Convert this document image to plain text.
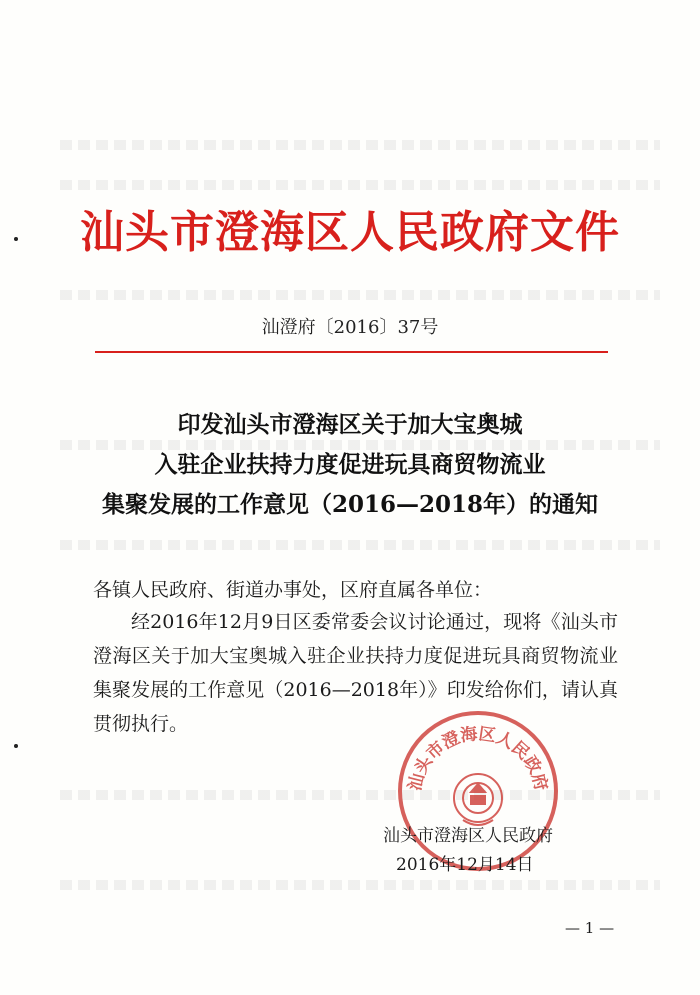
汕头市澄海区人民政府文件
汕澄府〔2016〕37号
印发汕头市澄海区关于加大宝奥城
入驻企业扶持力度促进玩具商贸物流业
集聚发展的工作意见（2016—2018年）的通知
各镇人民政府、街道办事处，区府直属各单位：
经2016年12月9日区委常委会议讨论通过，现将《汕头市澄海区关于加大宝奥城入驻企业扶持力度促进玩具商贸物流业集聚发展的工作意见（2016—2018年）》印发给你们，请认真贯彻执行。
汕头市澄海区人民政府
汕头市澄海区人民政府
2016年12月14日
— 1 —
